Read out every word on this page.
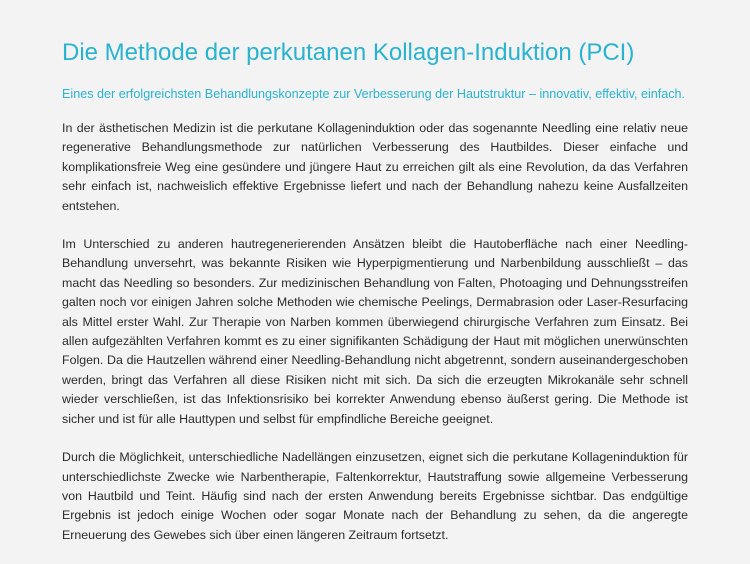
Die Methode der perkutanen Kollagen-Induktion (PCI)

Eines der erfolgreichsten Behandlungskonzepte zur Verbesserung der Hautstruktur – innovativ, effektiv, einfach.

In der ästhetischen Medizin ist die perkutane Kollageninduktion oder das sogenannte Needling eine relativ neue regenerative Behandlungsmethode zur natürlichen Verbesserung des Hautbildes. Dieser einfache und komplikationsfreie Weg eine gesündere und jüngere Haut zu erreichen gilt als eine Revolution, da das Verfahren sehr einfach ist, nachweislich effektive Ergebnisse liefert und nach der Behandlung nahezu keine Ausfallzeiten entstehen.

Im Unterschied zu anderen hautregenerierenden Ansätzen bleibt die Hautoberfläche nach einer Needling-Behandlung unversehrt, was bekannte Risiken wie Hyperpigmentierung und Narbenbildung ausschließt – das macht das Needling so besonders. Zur medizinischen Behandlung von Falten, Photoaging und Dehnungsstreifen galten noch vor einigen Jahren solche Methoden wie chemische Peelings, Dermabrasion oder Laser-Resurfacing als Mittel erster Wahl. Zur Therapie von Narben kommen überwiegend chirurgische Verfahren zum Einsatz. Bei allen aufgezählten Verfahren kommt es zu einer signifikanten Schädigung der Haut mit möglichen unerwünschten Folgen. Da die Hautzellen während einer Needling-Behandlung nicht abgetrennt, sondern auseinandergeschoben werden, bringt das Verfahren all diese Risiken nicht mit sich. Da sich die erzeugten Mikrokanäle sehr schnell wieder verschließen, ist das Infektionsrisiko bei korrekter Anwendung ebenso äußerst gering. Die Methode ist sicher und ist für alle Hauttypen und selbst für empfindliche Bereiche geeignet.

Durch die Möglichkeit, unterschiedliche Nadellängen einzusetzen, eignet sich die perkutane Kollageninduktion für unterschiedlichste Zwecke wie Narbentherapie, Faltenkorrektur, Hautstraffung sowie allgemeine Verbesserung von Hautbild und Teint. Häufig sind nach der ersten Anwendung bereits Ergebnisse sichtbar. Das endgültige Ergebnis ist jedoch einige Wochen oder sogar Monate nach der Behandlung zu sehen, da die angeregte Erneuerung des Gewebes sich über einen längeren Zeitraum fortsetzt.
